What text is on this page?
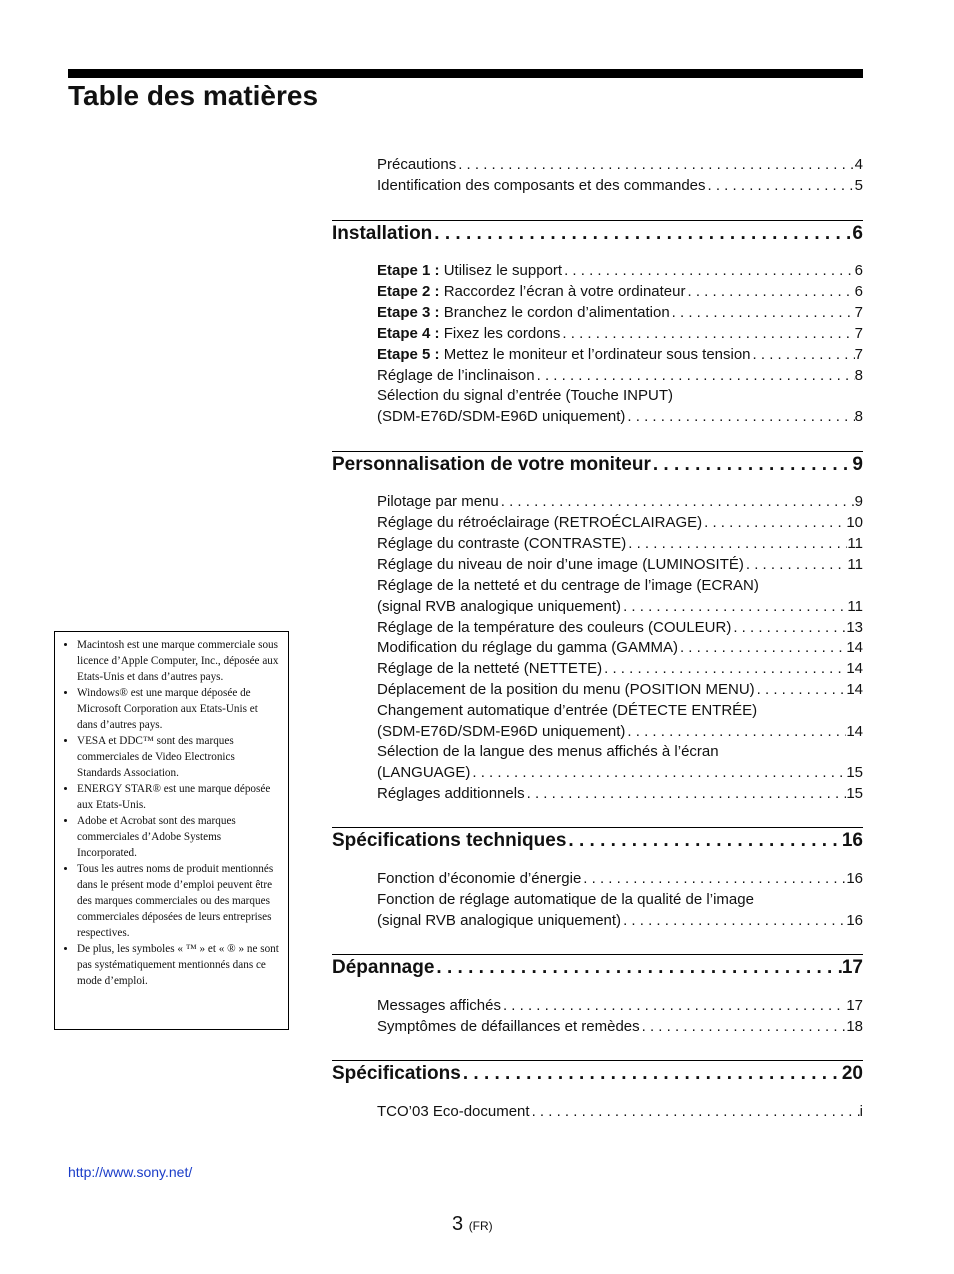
Table des matières
Précautions . . .	4
Identification des composants et des commandes . . .	5
Installation . . .	6
Etape 1 : Utilisez le support . . .	6
Etape 2 : Raccordez l’écran à votre ordinateur . . .	6
Etape 3 : Branchez le cordon d’alimentation . . .	7
Etape 4 : Fixez les cordons . . .	7
Etape 5 : Mettez le moniteur et l’ordinateur sous tension . . .	7
Réglage de l’inclinaison . . .	8
Sélection du signal d’entrée (Touche INPUT)
(SDM-E76D/SDM-E96D uniquement) . . .	8
Personnalisation de votre moniteur . . .	9
Pilotage par menu . . .	9
Réglage du rétroéclairage (RETROÉCLAIRAGE) . . .	10
Réglage du contraste (CONTRASTE) . . .	11
Réglage du niveau de noir d’une image (LUMINOSITÉ) . . .	11
Réglage de la netteté et du centrage de l’image (ECRAN)
(signal RVB analogique uniquement) . . .	11
Réglage de la température des couleurs (COULEUR) . . .	13
Modification du réglage du gamma (GAMMA) . . .	14
Réglage de la netteté (NETTETE) . . .	14
Déplacement de la position du menu (POSITION MENU) . . .	14
Changement automatique d’entrée (DÉTECTE ENTRÉE)
(SDM-E76D/SDM-E96D uniquement) . . .	14
Sélection de la langue des menus affichés à l’écran
(LANGUAGE) . . .	15
Réglages additionnels . . .	15
Spécifications techniques . . .	16
Fonction d’économie d’énergie . . .	16
Fonction de réglage automatique de la qualité de l’image
(signal RVB analogique uniquement) . . .	16
Dépannage . . .	17
Messages affichés . . .	17
Symptômes de défaillances et remèdes . . .	18
Spécifications . . .	20
TCO’03 Eco-document . . .	i
• Macintosh est une marque commerciale sous licence d’Apple Computer, Inc., déposée aux Etats-Unis et dans d’autres pays.
• Windows® est une marque déposée de Microsoft Corporation aux Etats-Unis et dans d’autres pays.
• VESA et DDC™ sont des marques commerciales de Video Electronics Standards Association.
• ENERGY STAR® est une marque déposée aux Etats-Unis.
• Adobe et Acrobat sont des marques commerciales d’Adobe Systems Incorporated.
• Tous les autres noms de produit mentionnés dans le présent mode d’emploi peuvent être des marques commerciales ou des marques commerciales déposées de leurs entreprises respectives.
• De plus, les symboles « ™ » et « ® » ne sont pas systématiquement mentionnés dans ce mode d’emploi.
http://www.sony.net/
3 (FR)
